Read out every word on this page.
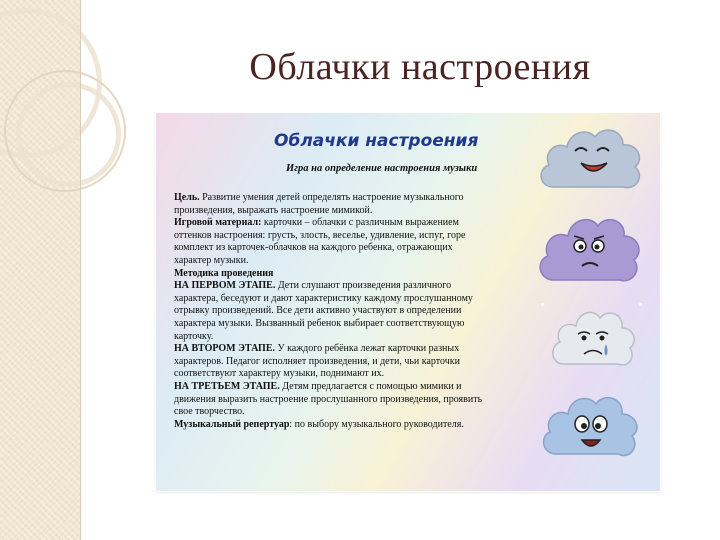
Облачки настроения
Облачки настроения
Игра на определение настроения музыки

Цель. Развитие умения детей определять настроение музыкального

произведения, выражать настроение мимикой.

Игровой материал: карточки – облачки с различным выражением

оттенков настроения: грусть, злость, веселье, удивление, испуг, горе

комплект из карточек-облачков на каждого ребенка, отражающих

характер музыки.

Методика проведения

НА ПЕРВОМ ЭТАПЕ. Дети слушают произведения различного

характера, беседуют и дают характеристику каждому прослушанному

отрывку произведений. Все дети активно участвуют в определении

характера музыки. Вызванный ребенок выбирает соответствующую

карточку.

НА ВТОРОМ ЭТАПЕ. У каждого ребёнка лежат карточки разных

характеров. Педагог исполняет произведения, и дети, чьи карточки

соответствуют характеру музыки, поднимают их.

НА ТРЕТЬЕМ ЭТАПЕ. Детям предлагается с помощью мимики и

движения выразить настроение прослушанного произведения, проявить

свое творчество.

Музыкальный репертуар: по выбору музыкального руководителя.
